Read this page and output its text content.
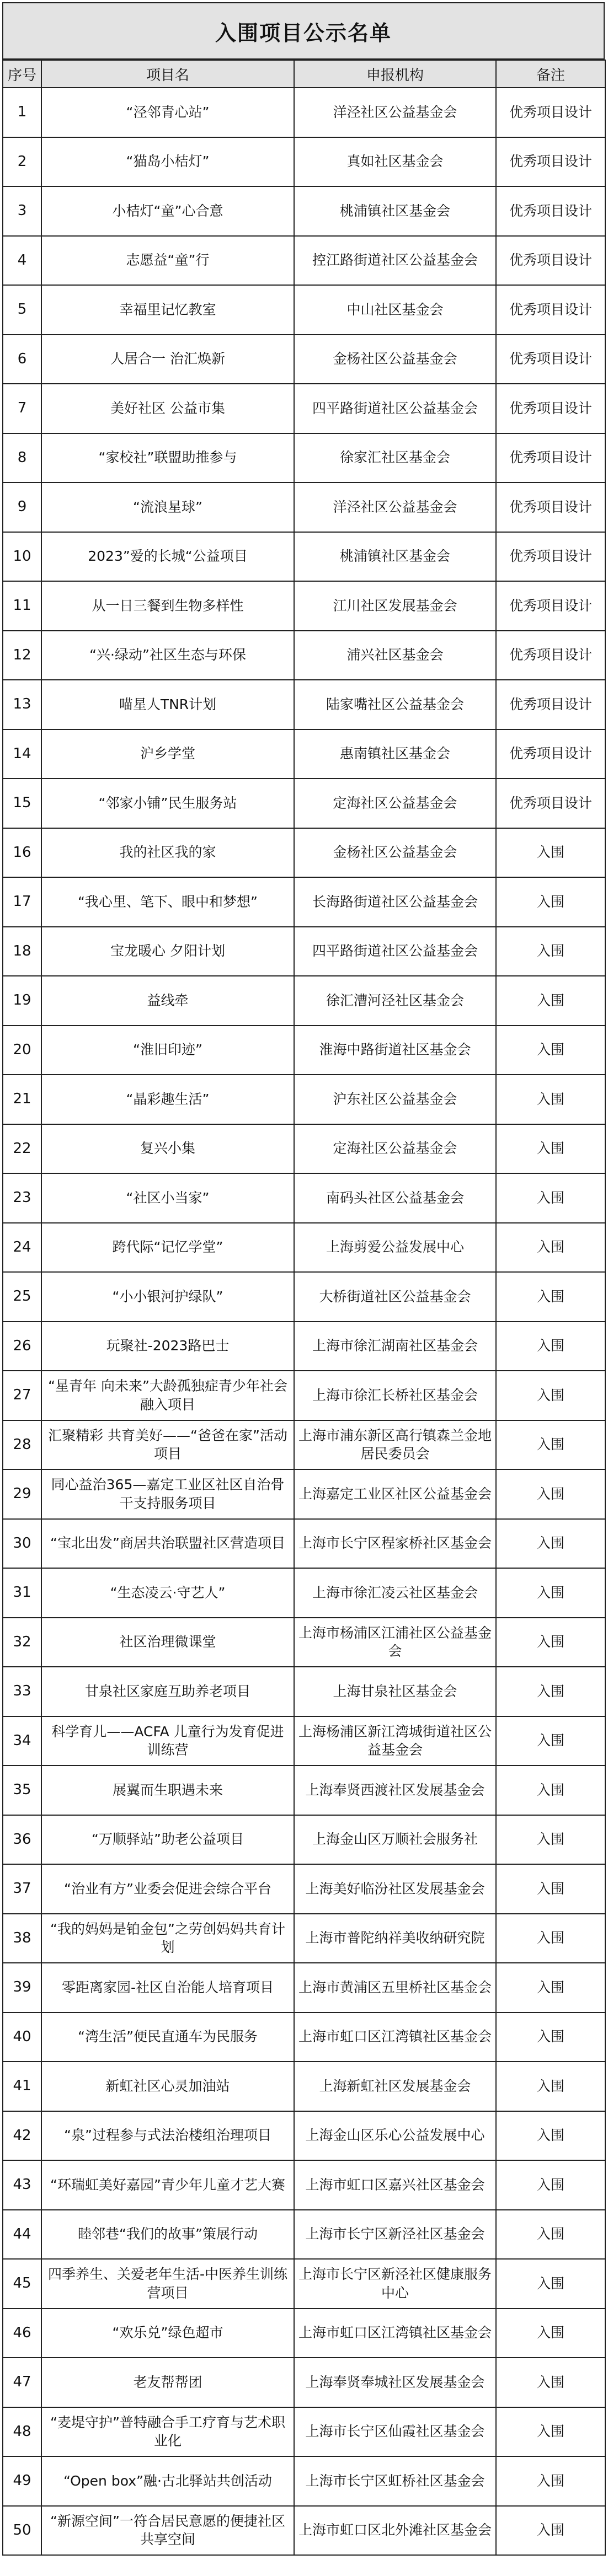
入围项目公示名单
序号	项目名	申报机构	备注
1	“泾邻青心站”	洋泾社区公益基金会	优秀项目设计
2	“猫岛小桔灯”	真如社区基金会	优秀项目设计
3	小桔灯“童”心合意	桃浦镇社区基金会	优秀项目设计
4	志愿益“童”行	控江路街道社区公益基金会	优秀项目设计
5	幸福里记忆教室	中山社区基金会	优秀项目设计
6	人居合一 治汇焕新	金杨社区公益基金会	优秀项目设计
7	美好社区 公益市集	四平路街道社区公益基金会	优秀项目设计
8	“家校社”联盟助推参与	徐家汇社区基金会	优秀项目设计
9	“流浪星球”	洋泾社区公益基金会	优秀项目设计
10	2023”爱的长城“公益项目	桃浦镇社区基金会	优秀项目设计
11	从一日三餐到生物多样性	江川社区发展基金会	优秀项目设计
12	“兴·绿动”社区生态与环保	浦兴社区基金会	优秀项目设计
13	喵星人TNR计划	陆家嘴社区公益基金会	优秀项目设计
14	沪乡学堂	惠南镇社区基金会	优秀项目设计
15	“邻家小铺”民生服务站	定海社区公益基金会	优秀项目设计
16	我的社区我的家	金杨社区公益基金会	入围
17	“我心里、笔下、眼中和梦想”	长海路街道社区公益基金会	入围
18	宝龙暖心 夕阳计划	四平路街道社区公益基金会	入围
19	益线牵	徐汇漕河泾社区基金会	入围
20	“淮旧印迹”	淮海中路街道社区基金会	入围
21	“晶彩趣生活”	沪东社区公益基金会	入围
22	复兴小集	定海社区公益基金会	入围
23	“社区小当家”	南码头社区公益基金会	入围
24	跨代际“记忆学堂”	上海剪爱公益发展中心	入围
25	“小小银河护绿队”	大桥街道社区公益基金会	入围
26	玩聚社-2023路巴士	上海市徐汇湖南社区基金会	入围
27	“星青年 向未来”大龄孤独症青少年社会融入项目	上海市徐汇长桥社区基金会	入围
28	汇聚精彩 共育美好——“爸爸在家”活动项目	上海市浦东新区高行镇森兰金地居民委员会	入围
29	同心益治365—嘉定工业区社区自治骨干支持服务项目	上海嘉定工业区社区公益基金会	入围
30	“宝北出发”商居共治联盟社区营造项目	上海市长宁区程家桥社区基金会	入围
31	“生态凌云·守艺人”	上海市徐汇凌云社区基金会	入围
32	社区治理微课堂	上海市杨浦区江浦社区公益基金会	入围
33	甘泉社区家庭互助养老项目	上海甘泉社区基金会	入围
34	科学育儿——ACFA 儿童行为发育促进训练营	上海杨浦区新江湾城街道社区公益基金会	入围
35	展翼而生职遇未来	上海奉贤西渡社区发展基金会	入围
36	“万顺驿站”助老公益项目	上海金山区万顺社会服务社	入围
37	“治业有方”业委会促进会综合平台	上海美好临汾社区发展基金会	入围
38	“我的妈妈是铂金包”之劳创妈妈共育计划	上海市普陀纳祥美收纳研究院	入围
39	零距离家园-社区自治能人培育项目	上海市黄浦区五里桥社区基金会	入围
40	“湾生活”便民直通车为民服务	上海市虹口区江湾镇社区基金会	入围
41	新虹社区心灵加油站	上海新虹社区发展基金会	入围
42	“泉”过程参与式法治楼组治理项目	上海金山区乐心公益发展中心	入围
43	“环瑞虹美好嘉园”青少年儿童才艺大赛	上海市虹口区嘉兴社区基金会	入围
44	睦邻巷“我们的故事”策展行动	上海市长宁区新泾社区基金会	入围
45	四季养生、关爱老年生活-中医养生训练营项目	上海市长宁区新泾社区健康服务中心	入围
46	“欢乐兑”绿色超市	上海市虹口区江湾镇社区基金会	入围
47	老友帮帮团	上海奉贤奉城社区发展基金会	入围
48	“麦堤守护”普特融合手工疗育与艺术职业化	上海市长宁区仙霞社区基金会	入围
49	“Open box”融·古北驿站共创活动	上海市长宁区虹桥社区基金会	入围
50	“新源空间”一符合居民意愿的便捷社区共享空间	上海市虹口区北外滩社区基金会	入围
